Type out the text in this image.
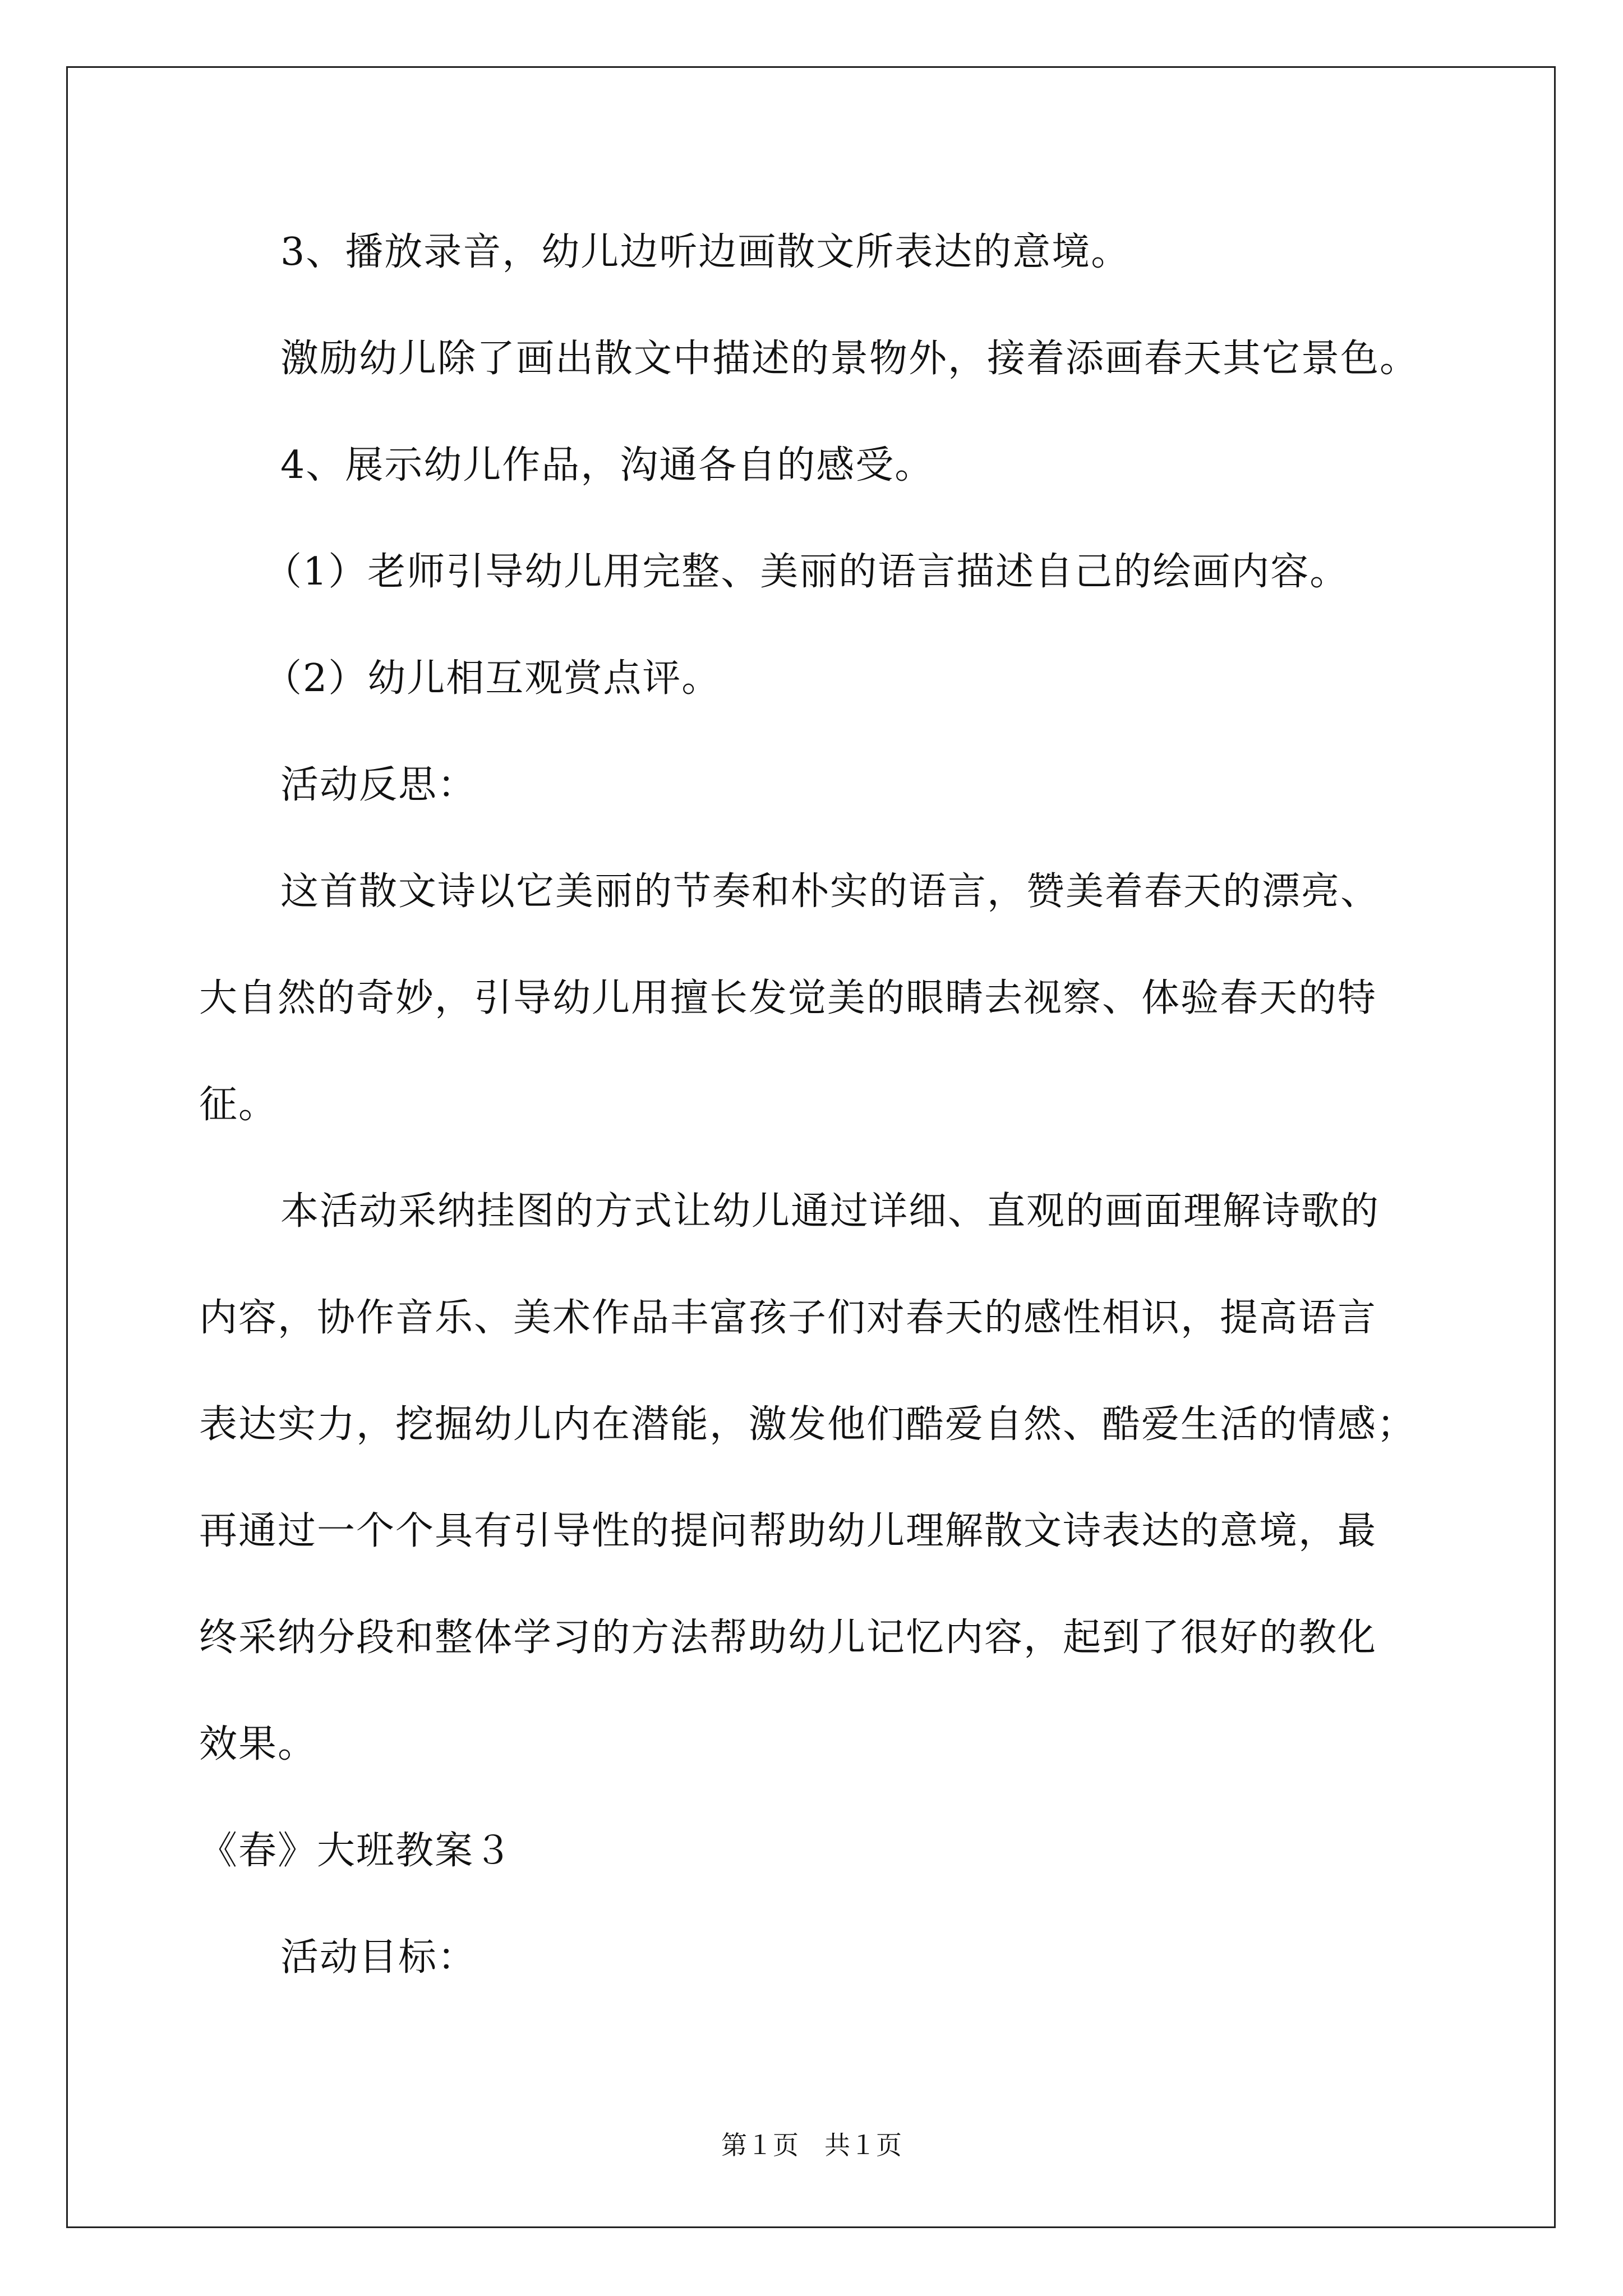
3、播放录音，幼儿边听边画散文所表达的意境。
激励幼儿除了画出散文中描述的景物外，接着添画春天其它景色。
4、展示幼儿作品，沟通各自的感受。
（1）老师引导幼儿用完整、美丽的语言描述自己的绘画内容。
（2）幼儿相互观赏点评。
活动反思：
这首散文诗以它美丽的节奏和朴实的语言，赞美着春天的漂亮、
大自然的奇妙，引导幼儿用擅长发觉美的眼睛去视察、体验春天的特
征。
本活动采纳挂图的方式让幼儿通过详细、直观的画面理解诗歌的
内容，协作音乐、美术作品丰富孩子们对春天的感性相识，提高语言
表达实力，挖掘幼儿内在潜能，激发他们酷爱自然、酷爱生活的情感；
再通过一个个具有引导性的提问帮助幼儿理解散文诗表达的意境，最
终采纳分段和整体学习的方法帮助幼儿记忆内容，起到了很好的教化
效果。
《春》大班教案３
活动目标：
第１页　共１页
